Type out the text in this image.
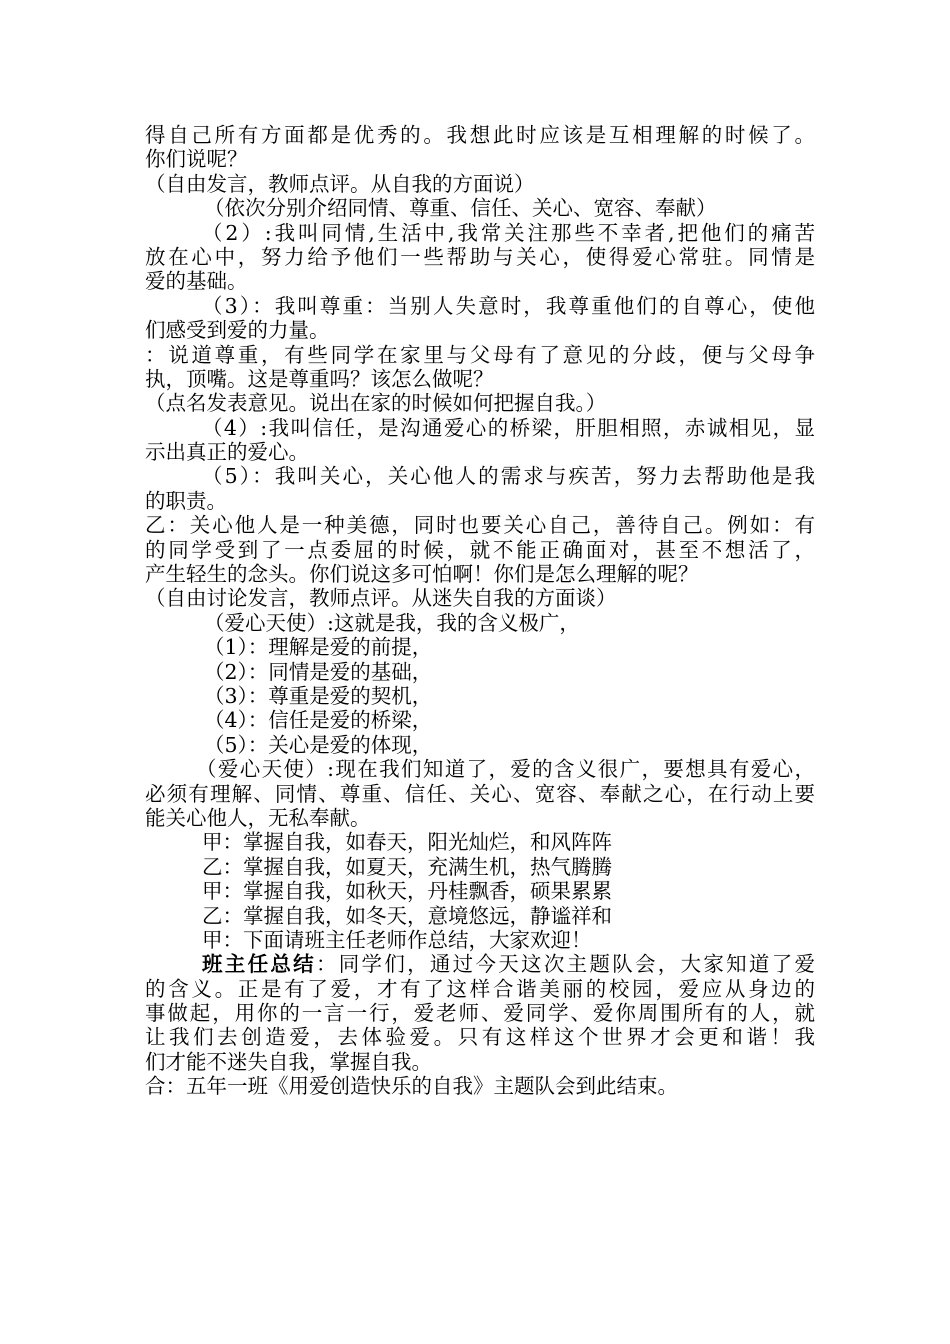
得自己所有方面都是优秀的。我想此时应该是互相理解的时候了。
你们说呢？
（自由发言，教师点评。从自我的方面说）
（依次分别介绍同情、尊重、信任、关心、宽容、奉献）
（2）:我叫同情,生活中,我常关注那些不幸者,把他们的痛苦
放在心中，努力给予他们一些帮助与关心，使得爱心常驻。同情是
爱的基础。
（3）：我叫尊重：当别人失意时，我尊重他们的自尊心，使他
们感受到爱的力量。
：说道尊重，有些同学在家里与父母有了意见的分歧，便与父母争
执，顶嘴。这是尊重吗？该怎么做呢？
（点名发表意见。说出在家的时候如何把握自我。）
（4）:我叫信任，是沟通爱心的桥梁，肝胆相照，赤诚相见，显
示出真正的爱心。
（5）：我叫关心，关心他人的需求与疾苦，努力去帮助他是我
的职责。
乙：关心他人是一种美德，同时也要关心自己，善待自己。例如：有
的同学受到了一点委屈的时候，就不能正确面对，甚至不想活了，
产生轻生的念头。你们说这多可怕啊！你们是怎么理解的呢？
（自由讨论发言，教师点评。从迷失自我的方面谈）
（爱心天使）:这就是我，我的含义极广，
（1）：理解是爱的前提，
（2）：同情是爱的基础，
（3）：尊重是爱的契机，
（4）：信任是爱的桥梁，
（5）：关心是爱的体现，
（爱心天使）:现在我们知道了，爱的含义很广，要想具有爱心，
必须有理解、同情、尊重、信任、关心、宽容、奉献之心，在行动上要
能关心他人，无私奉献。
甲：掌握自我，如春天，阳光灿烂，和风阵阵
乙：掌握自我，如夏天，充满生机，热气腾腾
甲：掌握自我，如秋天，丹桂飘香，硕果累累
乙：掌握自我，如冬天，意境悠远，静谧祥和
甲：下面请班主任老师作总结，大家欢迎！
班主任总结：同学们，通过今天这次主题队会，大家知道了爱
的含义。正是有了爱，才有了这样合谐美丽的校园，爱应从身边的
事做起，用你的一言一行，爱老师、爱同学、爱你周围所有的人，就
让我们去创造爱，去体验爱。只有这样这个世界才会更和谐！我
们才能不迷失自我，掌握自我。
合：五年一班《用爱创造快乐的自我》主题队会到此结束。
